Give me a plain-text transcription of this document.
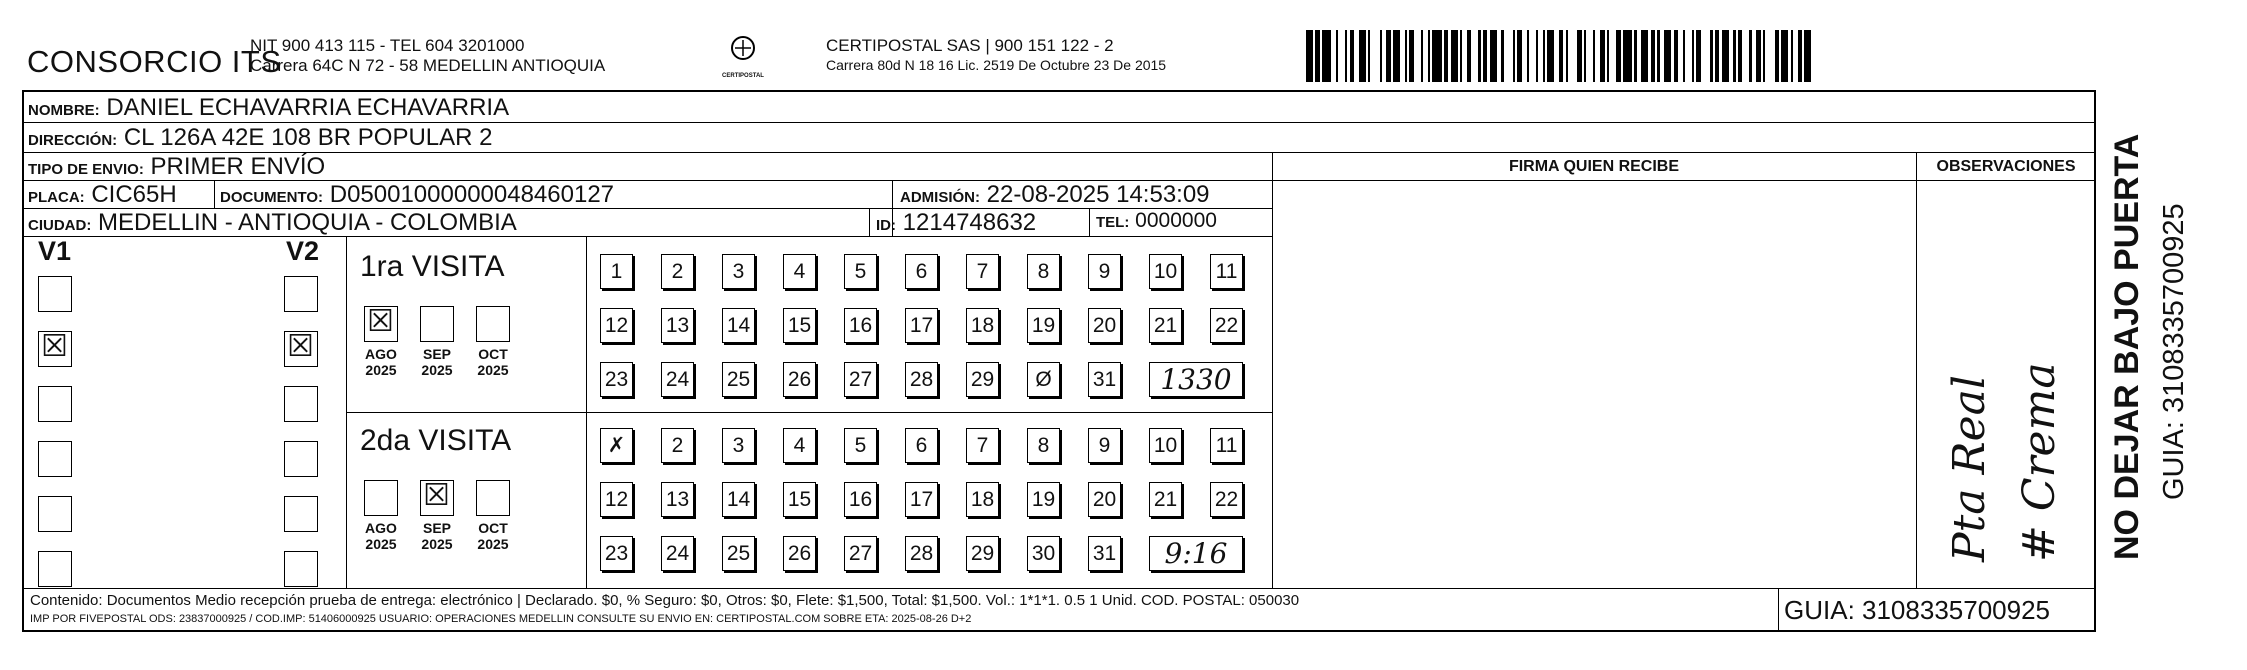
CONSORCIO ITS
NIT 900 413 115 - TEL 604 3201000
Carrera 64C N 72 - 58 MEDELLIN ANTIOQUIA
CERTIPOSTAL
CERTIPOSTAL SAS | 900 151 122 - 2
Carrera 80d N 18 16 Lic. 2519 De Octubre 23 De 2015
NOMBRE: DANIEL ECHAVARRIA ECHAVARRIA
DIRECCIÓN: CL 126A 42E 108 BR POPULAR 2
TIPO DE ENVIO: PRIMER ENVÍO	FIRMA QUIEN RECIBE	OBSERVACIONES
PLACA: CIC65H	DOCUMENTO: D05001000000048460127	ADMISIÓN: 22-08-2025 14:53:09
CIUDAD: MEDELLIN - ANTIOQUIA - COLOMBIA	ID: 1214748632	TEL: 0000000
V1	V2
☒	☒
1ra VISITA
2da VISITA
☒
AGO
2025
SEP
2025
OCT
2025
AGO
2025
☒
SEP
2025
OCT
2025
1	2	3	4	5	6	7	8	9	10 11
12 13 14 15 16 17 18 19 20 21 22
23 24 25 26 27 28 29	Ø	31	1330
✗	2	3	4	5	6	7	8	9	10 11
12 13 14 15 16 17 18 19 20 21 22
23 24 25 26 27 28 29 30 31	9:16	Pta Real # Crema
Contenido: Documentos Medio recepción prueba de entrega: electrónico | Declarado. $0, % Seguro: $0, Otros: $0, Flete: $1,500, Total: $1,500. Vol.: 1*1*1. 0.5 1 Unid. COD. POSTAL: 050030
IMP POR FIVEPOSTAL ODS: 23837000925 / COD.IMP: 51406000925 USUARIO: OPERACIONES MEDELLIN CONSULTE SU ENVIO EN: CERTIPOSTAL.COM SOBRE ETA: 2025-08-26 D+2	GUIA: 3108335700925
NO DEJAR BAJO PUERTA GUIA: 3108335700925
